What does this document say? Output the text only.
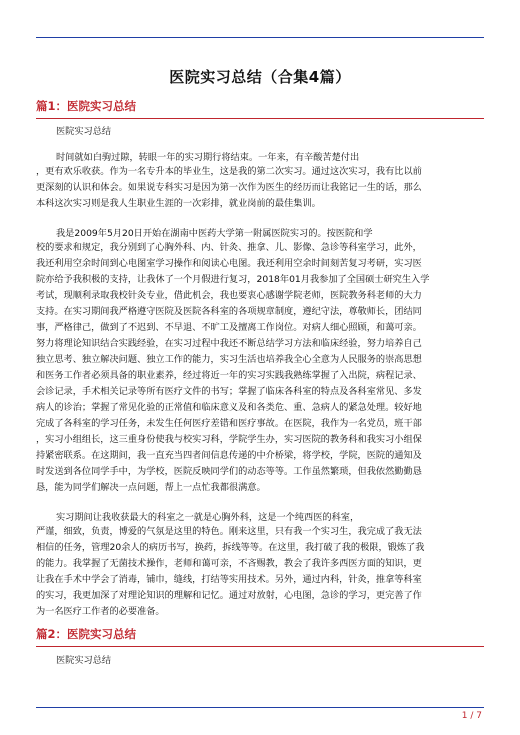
医院实习总结（合集4篇）
篇1：医院实习总结
医院实习总结
时间就如白驹过隙，转眼一年的实习期行将结束。一年来，有辛酸苦楚付出
，更有欢乐收获。作为一名专升本的毕业生，这是我的第二次实习。通过这次实习，我有比以前
更深刻的认识和体会。如果说专科实习是因为第一次作为医生的经历而让我铭记一生的话，那么
本科这次实习则是我人生职业生涯的一次彩排，就业岗前的最佳集训。
我是2009年5月20日开始在湖南中医药大学第一附属医院实习的。按医院和学
校的要求和规定，我分别到了心胸外科、内、针灸、推拿、儿、影像、急诊等科室学习，此外，
我还利用空余时间到心电图室学习操作和阅读心电图。我还利用空余时间刻苦复习考研，实习医
院亦给予我积极的支持，让我休了一个月假进行复习，2018年01月我参加了全国硕士研究生入学
考试，现顺利录取我校针灸专业，借此机会，我也要衷心感谢学院老师，医院教务科老师的大力
支持。在实习期间我严格遵守医院及医院各科室的各项规章制度，遵纪守法，尊敬师长，团结同
事，严格律己，做到了不迟到、不早退、不旷工及擅离工作岗位。对病人细心照顾，和蔼可亲。
努力将理论知识结合实践经验，在实习过程中我还不断总结学习方法和临床经验，努力培养自己
独立思考、独立解决问题、独立工作的能力，实习生活也培养我全心全意为人民服务的崇高思想
和医务工作者必须具备的职业素养，经过将近一年的实习实践我熟练掌握了入出院，病程记录、
会诊记录，手术相关记录等所有医疗文件的书写；掌握了临床各科室的特点及各科室常见、多发
病人的诊治；掌握了常见化验的正常值和临床意义及和各类危、重、急病人的紧急处理。较好地
完成了各科室的学习任务，未发生任何医疗差错和医疗事故。在医院，我作为一名党员，班干部
，实习小组组长，这三重身份使我与校实习科，学院学生办，实习医院的教务科和我实习小组保
持紧密联系。在这期间，我一直充当四者间信息传递的中介桥梁，将学校，学院，医院的通知及
时发送到各位同学手中，为学校，医院反映同学们的动态等等。工作虽然繁琐，但我依然勤勤恳
恳，能为同学们解决一点问题，帮上一点忙我都很满意。
实习期间让我收获最大的科室之一就是心胸外科，这是一个纯西医的科室，
严谨，细致，负责，博爱的气氛是这里的特色。刚来这里，只有我一个实习生，我完成了我无法
相信的任务，管理20余人的病历书写，换药，拆线等等。在这里，我打破了我的极限，锻炼了我
的能力。我掌握了无菌技术操作，老师和蔼可亲，不吝赐教，教会了我许多西医方面的知识，更
让我在手术中学会了消毒，铺巾，缝线，打结等实用技术。另外，通过内科，针灸，推拿等科室
的实习，我更加深了对理论知识的理解和记忆。通过对放射，心电图，急诊的学习，更完善了作
为一名医疗工作者的必要准备。
篇2：医院实习总结
医院实习总结
1 / 7
